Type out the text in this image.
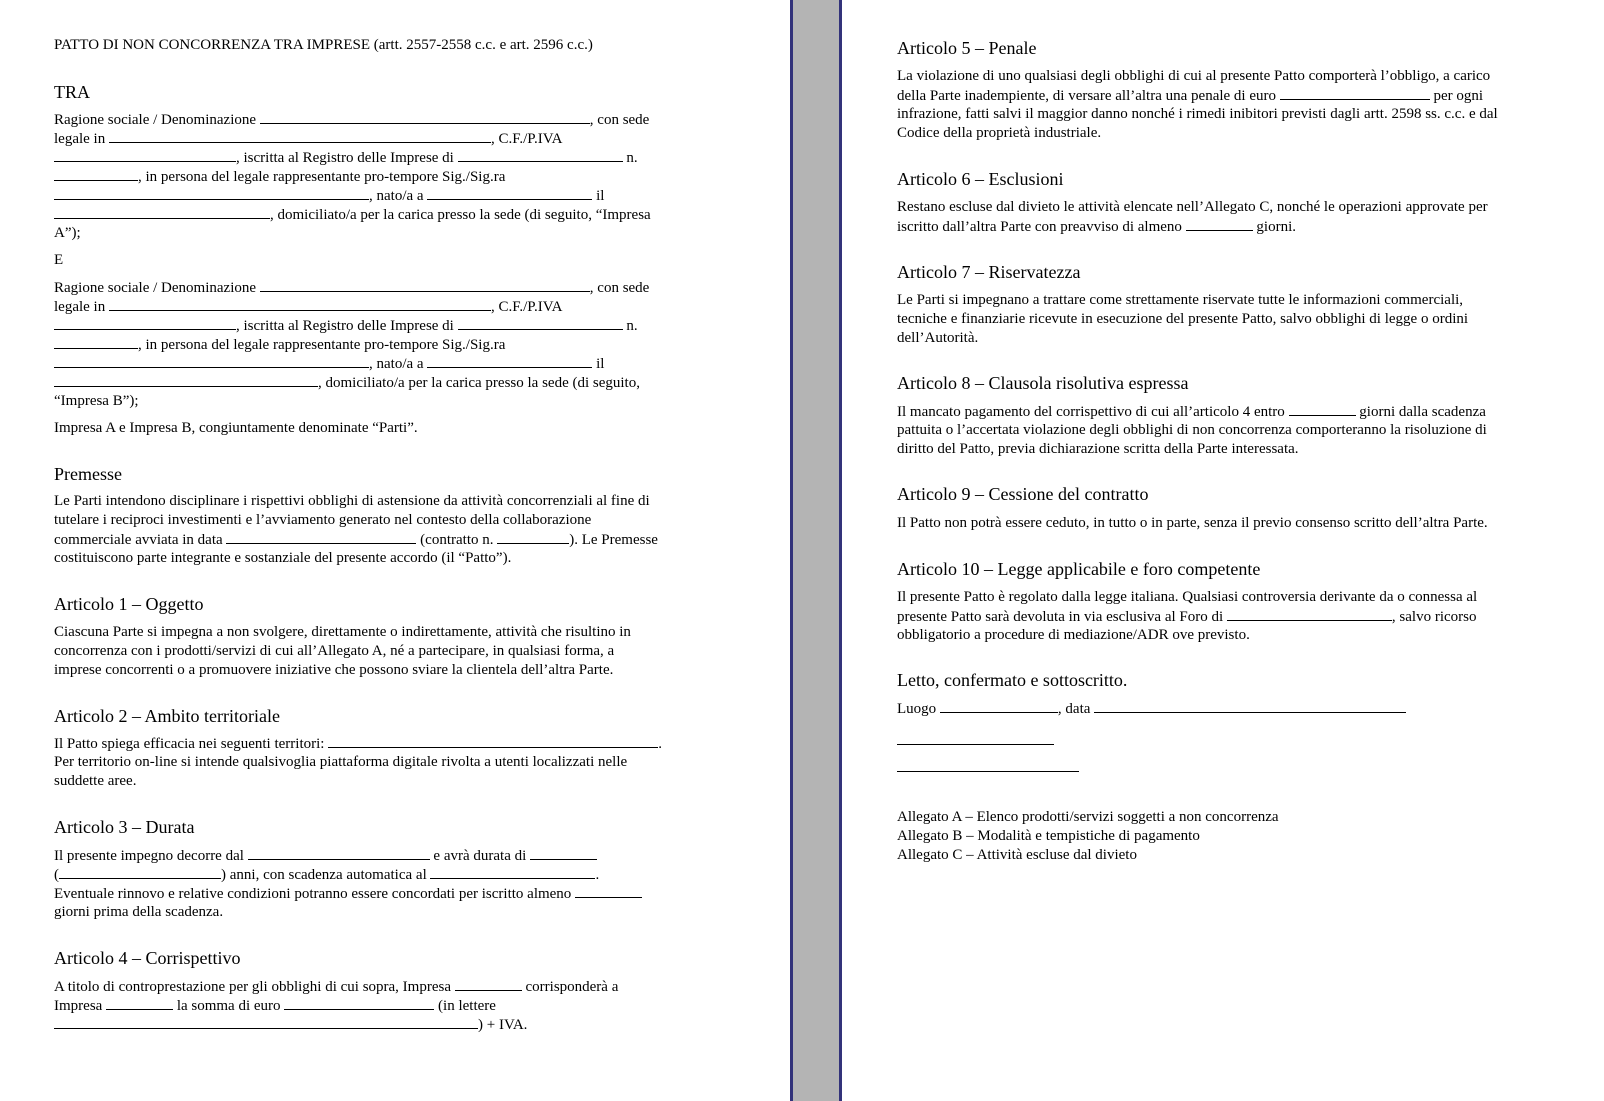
PATTO DI NON CONCORRENZA TRA IMPRESE (artt. 2557-2558 c.c. e art. 2596 c.c.)
TRA
Ragione sociale / Denominazione	, con sede
legale in	, C.F./P.IVA
, iscritta al Registro delle Imprese di	n.
, in persona del legale rappresentante pro-tempore Sig./Sig.ra
, nato/a a	il
, domiciliato/a per la carica presso la sede (di seguito, “Impresa
A”);
E
Ragione sociale / Denominazione	, con sede
legale in	, C.F./P.IVA
, iscritta al Registro delle Imprese di	n.
, in persona del legale rappresentante pro-tempore Sig./Sig.ra
, nato/a a	il
, domiciliato/a per la carica presso la sede (di seguito,
“Impresa B”);
Impresa A e Impresa B, congiuntamente denominate “Parti”.
Premesse
Le Parti intendono disciplinare i rispettivi obblighi di astensione da attività concorrenziali al fine di
tutelare i reciproci investimenti e l’avviamento generato nel contesto della collaborazione
commerciale avviata in data	(contratto n.	). Le Premesse
costituiscono parte integrante e sostanziale del presente accordo (il “Patto”).
Articolo 1 – Oggetto
Ciascuna Parte si impegna a non svolgere, direttamente o indirettamente, attività che risultino in
concorrenza con i prodotti/servizi di cui all’Allegato A, né a partecipare, in qualsiasi forma, a
imprese concorrenti o a promuovere iniziative che possono sviare la clientela dell’altra Parte.
Articolo 2 – Ambito territoriale
Il Patto spiega efficacia nei seguenti territori:	.
Per territorio on-line si intende qualsivoglia piattaforma digitale rivolta a utenti localizzati nelle
suddette aree.
Articolo 3 – Durata
Il presente impegno decorre dal	e avrà durata di
(	) anni, con scadenza automatica al	.
Eventuale rinnovo e relative condizioni potranno essere concordati per iscritto almeno
giorni prima della scadenza.
Articolo 4 – Corrispettivo
A titolo di controprestazione per gli obblighi di cui sopra, Impresa	corrisponderà a
Impresa	la somma di euro	(in lettere
) + IVA.
Articolo 5 – Penale
La violazione di uno qualsiasi degli obblighi di cui al presente Patto comporterà l’obbligo, a carico
della Parte inadempiente, di versare all’altra una penale di euro	per ogni
infrazione, fatti salvi il maggior danno nonché i rimedi inibitori previsti dagli artt. 2598 ss. c.c. e dal
Codice della proprietà industriale.
Articolo 6 – Esclusioni
Restano escluse dal divieto le attività elencate nell’Allegato C, nonché le operazioni approvate per
iscritto dall’altra Parte con preavviso di almeno	giorni.
Articolo 7 – Riservatezza
Le Parti si impegnano a trattare come strettamente riservate tutte le informazioni commerciali,
tecniche e finanziarie ricevute in esecuzione del presente Patto, salvo obblighi di legge o ordini
dell’Autorità.
Articolo 8 – Clausola risolutiva espressa
Il mancato pagamento del corrispettivo di cui all’articolo 4 entro	giorni dalla scadenza
pattuita o l’accertata violazione degli obblighi di non concorrenza comporteranno la risoluzione di
diritto del Patto, previa dichiarazione scritta della Parte interessata.
Articolo 9 – Cessione del contratto
Il Patto non potrà essere ceduto, in tutto o in parte, senza il previo consenso scritto dell’altra Parte.
Articolo 10 – Legge applicabile e foro competente
Il presente Patto è regolato dalla legge italiana. Qualsiasi controversia derivante da o connessa al
presente Patto sarà devoluta in via esclusiva al Foro di	, salvo ricorso
obbligatorio a procedure di mediazione/ADR ove previsto.
Letto, confermato e sottoscritto.
Luogo	, data
Allegato A – Elenco prodotti/servizi soggetti a non concorrenza
Allegato B – Modalità e tempistiche di pagamento
Allegato C – Attività escluse dal divieto
